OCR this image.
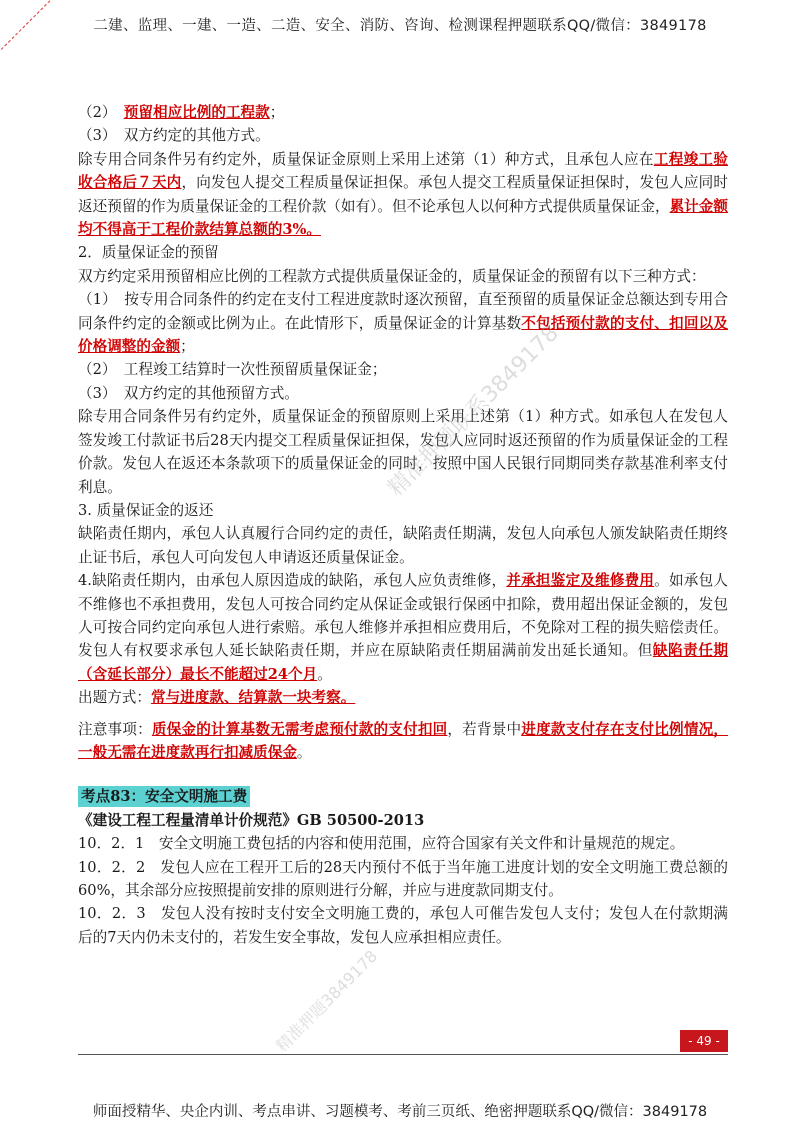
二建、监理、一建、一造、二造、安全、消防、咨询、检测课程押题联系QQ/微信：3849178

（2）　预留相应比例的工程款；

（3）　双方约定的其他方式。

除专用合同条件另有约定外，质量保证金原则上采用上述第（1）种方式，且承包人应在工程竣工验收合格后７天内，向发包人提交工程质量保证担保。承包人提交工程质量保证担保时，发包人应同时返还预留的作为质量保证金的工程价款（如有）。但不论承包人以何种方式提供质量保证金，累计金额均不得高于工程价款结算总额的3%。

2．质量保证金的预留

双方约定采用预留相应比例的工程款方式提供质量保证金的，质量保证金的预留有以下三种方式：

（1）　按专用合同条件的约定在支付工程进度款时逐次预留，直至预留的质量保证金总额达到专用合同条件约定的金额或比例为止。在此情形下，质量保证金的计算基数不包括预付款的支付、扣回以及价格调整的金额；

（2）　工程竣工结算时一次性预留质量保证金；

（3）　双方约定的其他预留方式。

除专用合同条件另有约定外，质量保证金的预留原则上采用上述第（1）种方式。如承包人在发包人签发竣工付款证书后28天内提交工程质量保证担保，发包人应同时返还预留的作为质量保证金的工程价款。发包人在返还本条款项下的质量保证金的同时，按照中国人民银行同期同类存款基准利率支付利息。

3. 质量保证金的返还

缺陷责任期内，承包人认真履行合同约定的责任，缺陷责任期满，发包人向承包人颁发缺陷责任期终止证书后，承包人可向发包人申请返还质量保证金。

4.缺陷责任期内，由承包人原因造成的缺陷，承包人应负责维修，并承担鉴定及维修费用。如承包人不维修也不承担费用，发包人可按合同约定从保证金或银行保函中扣除，费用超出保证金额的，发包人可按合同约定向承包人进行索赔。承包人维修并承担相应费用后，不免除对工程的损失赔偿责任。发包人有权要求承包人延长缺陷责任期，并应在原缺陷责任期届满前发出延长通知。但缺陷责任期（含延长部分）最长不能超过24个月。

出题方式：常与进度款、结算款一块考察。

注意事项：质保金的计算基数无需考虑预付款的支付扣回，若背景中进度款支付存在支付比例情况，一般无需在进度款再行扣减质保金。

考点83：安全文明施工费

《建设工程工程量清单计价规范》GB 50500-2013

10．2．1　安全文明施工费包括的内容和使用范围，应符合国家有关文件和计量规范的规定。

10．2．2　发包人应在工程开工后的28天内预付不低于当年施工进度计划的安全文明施工费总额的60%，其余部分应按照提前安排的原则进行分解，并应与进度款同期支付。

10．2．3　发包人没有按时支付安全文明施工费的，承包人可催告发包人支付；发包人在付款期满后的7天内仍未支付的，若发生安全事故，发包人应承担相应责任。

精准押题联系3849178
精准押题3849178	- 49 -
师面授精华、央企内训、考点串讲、习题模考、考前三页纸、绝密押题联系QQ/微信：3849178
